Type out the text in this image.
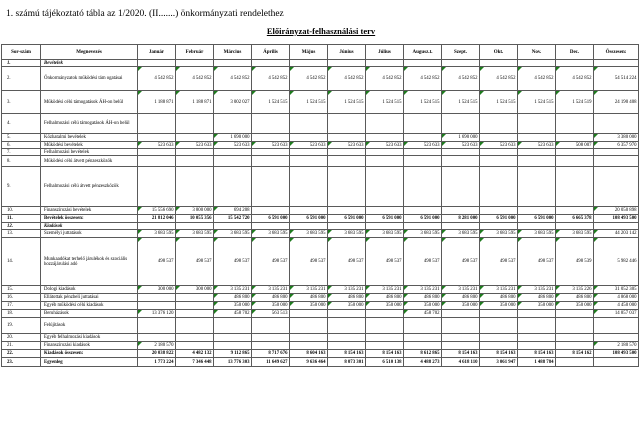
1. számú tájékoztató tábla az 1/2020. (II.......) önkormányzati rendelethez
Előirányzat-felhasználási terv
Sor-szám	Megnevezés	Január	Február	Március	Április	Május	Június	Július	Augusz.t.	Szept.	Okt.	Nov.	Dec.	Összesen:
1.	Bevételek													
2.	Önkormányzatok működési tám ogatásai	4 542 852	4 542 852	4 542 852	4 542 852	4 542 852	4 542 852	4 542 852	4 542 852	4 542 852	4 542 852	4 542 852	4 542 852	54 514 224
3.	Működési célú támogatások ÁH-on belül	1 188 871	1 188 871	3 002 027	1 524 515	1 524 515	1 524 515	1 524 515	1 524 515	1 524 515	1 524 515	1 524 515	1 524 519	24 190 408
4.	Felhalmozási célú támogatások ÁH-on belül													
5.	Közhatalmi bevételek			1 690 000						1 690 000				3 380 000
6.	Működési bevételek	523 633	523 633	523 633	523 633	523 633	523 633	523 633	523 633	523 633	523 633	523 633	508 007	6 357 970
7.	Felhalmozási bevételek													
8.	Működési célú átvett pénzeszközök													
9.	Felhalmozási célú átvett pénzeszközök													
10.	Finanszírozási bevételek	15 556 690	3 800 000	694 208										20 050 898
11.	Bevételek összesen:	21 812 046	10 055 356	15 542 720	6 591 000	6 591 000	6 591 000	6 591 000	6 591 000	8 281 000	6 591 000	6 591 000	6 665 378	108 493 500
12.	Kiadások													
13.	Személyi juttatások	3 683 595	3 683 595	3 683 595	3 683 595	3 683 595	3 683 595	3 683 595	3 683 595	3 683 595	3 683 595	3 683 595	3 683 595	44 203 142
14.	Munkaadókat terhelő járulékok és szociális hozzájárulási adó	498 537	498 537	498 537	498 537	498 537	498 537	498 537	498 537	498 537	498 537	498 537	498 539	5 982 446
15.	Dologi kiadások	300 000	300 000	3 135 231	3 135 231	3 135 231	3 135 231	3 135 231	3 135 231	3 135 231	3 135 231	3 135 231	3 135 226	31 052 305
16.	Ellátottak pénzbeli juttatásai			486 800	486 800	486 800	486 800	486 800	486 800	486 800	486 800	486 800	486 800	4 868 000
17.	Egyéb működési célú kiadások			350 000	350 000	350 000	350 000	350 000	350 000	350 000	350 000	350 000	350 000	4 450 000
18.	Beruházások	13 376 120		458 702	563 513				458 702					14 857 037
19.	Felújítások													
20.	Egyéb felhalmozási kiadások													
21.	Finanszírozási kiadások	2 180 570												2 180 570
22.	Kiadások összesen:	20 038 822	4 482 132	9 112 865	8 717 676	8 604 163	8 154 163	8 154 163	8 612 865	8 154 163	8 154 163	8 154 163	8 154 162	108 493 500
23.	Egyenleg	1 773 224	7 346 448	13 776 303	11 649 627	9 636 464	8 073 301	6 510 138	4 488 273	4 618 110	3 061 947	1 488 784		
